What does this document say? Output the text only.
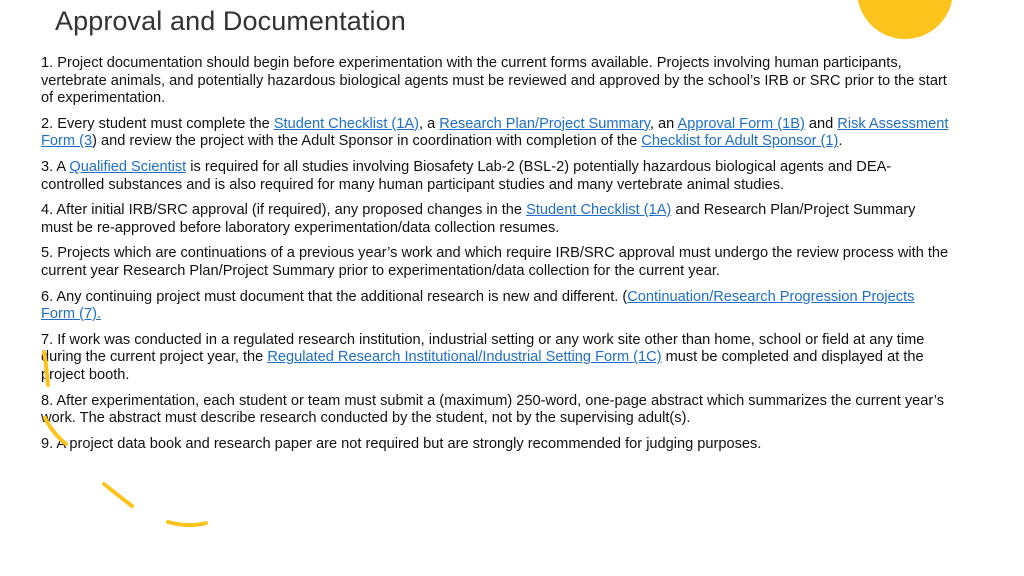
Approval and Documentation

1. Project documentation should begin before experimentation with the current forms available. Projects involving human participants, vertebrate animals, and potentially hazardous biological agents must be reviewed and approved by the school’s IRB or SRC prior to the start of experimentation.

2. Every student must complete the Student Checklist (1A), a Research Plan/Project Summary, an Approval Form (1B) and Risk Assessment Form (3) and review the project with the Adult Sponsor in coordination with completion of the Checklist for Adult Sponsor (1).

3. A Qualified Scientist is required for all studies involving Biosafety Lab-2 (BSL-2) potentially hazardous biological agents and DEA-controlled substances and is also required for many human participant studies and many vertebrate animal studies.

4. After initial IRB/SRC approval (if required), any proposed changes in the Student Checklist (1A) and Research Plan/Project Summary must be re-approved before laboratory experimentation/data collection resumes.

5. Projects which are continuations of a previous year’s work and which require IRB/SRC approval must undergo the review process with the current year Research Plan/Project Summary prior to experimentation/data collection for the current year.

6. Any continuing project must document that the additional research is new and different. (Continuation/Research Progression Projects Form (7).

7. If work was conducted in a regulated research institution, industrial setting or any work site other than home, school or field at any time during the current project year, the Regulated Research Institutional/Industrial Setting Form (1C) must be completed and displayed at the project booth.

8. After experimentation, each student or team must submit a (maximum) 250-word, one-page abstract which summarizes the current year’s work. The abstract must describe research conducted by the student, not by the supervising adult(s).

9. A project data book and research paper are not required but are strongly recommended for judging purposes.
